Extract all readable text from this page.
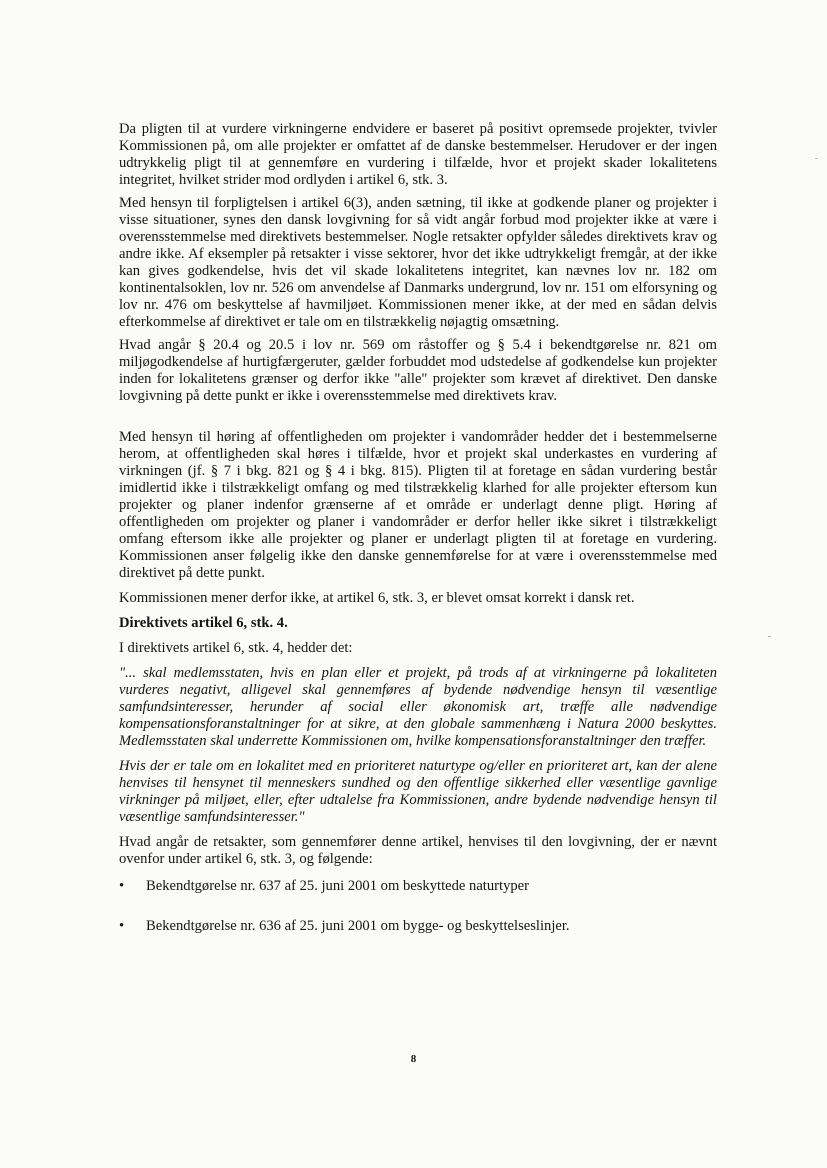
Da pligten til at vurdere virkningerne endvidere er baseret på positivt opremsede projekter, tvivler Kommissionen på, om alle projekter er omfattet af de danske bestemmelser. Herudover er der ingen udtrykkelig pligt til at gennemføre en vurdering i tilfælde, hvor et projekt skader lokalitetens integritet, hvilket strider mod ordlyden i artikel 6, stk. 3.

Med hensyn til forpligtelsen i artikel 6(3), anden sætning, til ikke at godkende planer og projekter i visse situationer, synes den dansk lovgivning for så vidt angår forbud mod projekter ikke at være i overensstemmelse med direktivets bestemmelser. Nogle retsakter opfylder således direktivets krav og andre ikke. Af eksempler på retsakter i visse sektorer, hvor det ikke udtrykkeligt fremgår, at der ikke kan gives godkendelse, hvis det vil skade lokalitetens integritet, kan nævnes lov nr. 182 om kontinentalsoklen, lov nr. 526 om anvendelse af Danmarks undergrund, lov nr. 151 om elforsyning og lov nr. 476 om beskyttelse af havmiljøet. Kommissionen mener ikke, at der med en sådan delvis efterkommelse af direktivet er tale om en tilstrækkelig nøjagtig omsætning.

Hvad angår § 20.4 og 20.5 i lov nr. 569 om råstoffer og § 5.4 i bekendtgørelse nr. 821 om miljøgodkendelse af hurtigfærgeruter, gælder forbuddet mod udstedelse af godkendelse kun projekter inden for lokalitetens grænser og derfor ikke "alle" projekter som krævet af direktivet. Den danske lovgivning på dette punkt er ikke i overensstemmelse med direktivets krav.

Med hensyn til høring af offentligheden om projekter i vandområder hedder det i bestemmelserne herom, at offentligheden skal høres i tilfælde, hvor et projekt skal underkastes en vurdering af virkningen (jf. § 7 i bkg. 821 og § 4 i bkg. 815). Pligten til at foretage en sådan vurdering består imidlertid ikke i tilstrækkeligt omfang og med tilstrækkelig klarhed for alle projekter eftersom kun projekter og planer indenfor grænserne af et område er underlagt denne pligt. Høring af offentligheden om projekter og planer i vandområder er derfor heller ikke sikret i tilstrækkeligt omfang eftersom ikke alle projekter og planer er underlagt pligten til at foretage en vurdering. Kommissionen anser følgelig ikke den danske gennemførelse for at være i overensstemmelse med direktivet på dette punkt.

Kommissionen mener derfor ikke, at artikel 6, stk. 3, er blevet omsat korrekt i dansk ret.

Direktivets artikel 6, stk. 4.

I direktivets artikel 6, stk. 4, hedder det:

"... skal medlemsstaten, hvis en plan eller et projekt, på trods af at virkningerne på lokaliteten vurderes negativt, alligevel skal gennemføres af bydende nødvendige hensyn til væsentlige samfundsinteresser, herunder af social eller økonomisk art, træffe alle nødvendige kompensationsforanstaltninger for at sikre, at den globale sammenhæng i Natura 2000 beskyttes. Medlemsstaten skal underrette Kommissionen om, hvilke kompensationsforanstaltninger den træffer.

Hvis der er tale om en lokalitet med en prioriteret naturtype og/eller en prioriteret art, kan der alene henvises til hensynet til menneskers sundhed og den offentlige sikkerhed eller væsentlige gavnlige virkninger på miljøet, eller, efter udtalelse fra Kommissionen, andre bydende nødvendige hensyn til væsentlige samfundsinteresser."

Hvad angår de retsakter, som gennemfører denne artikel, henvises til den lovgivning, der er nævnt ovenfor under artikel 6, stk. 3, og følgende:

• Bekendtgørelse nr. 637 af 25. juni 2001 om beskyttede naturtyper
• Bekendtgørelse nr. 636 af 25. juni 2001 om bygge- og beskyttelseslinjer.
8
